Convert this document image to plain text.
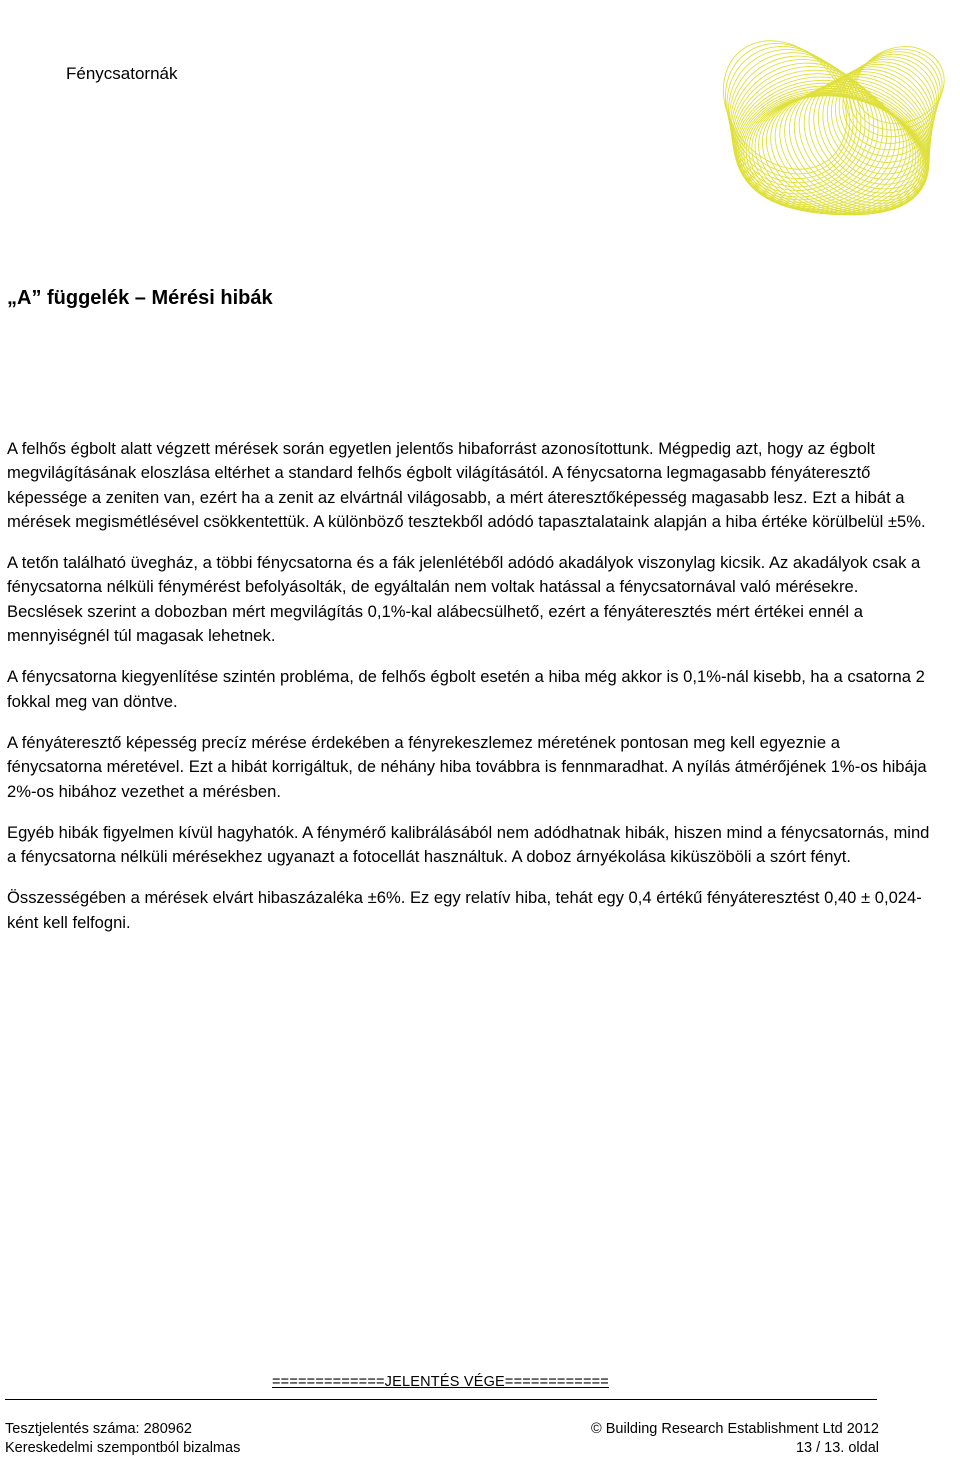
Fénycsatornák
„A” függelék – Mérési hibák

A felhős égbolt alatt végzett mérések során egyetlen jelentős hibaforrást azonosítottunk. Mégpedig azt, hogy az égbolt megvilágításának eloszlása eltérhet a standard felhős égbolt világításától. A fénycsatorna legmagasabb fényáteresztő képessége a zeniten van, ezért ha a zenit az elvártnál világosabb, a mért áteresztőképesség magasabb lesz. Ezt a hibát a mérések megismétlésével csökkentettük. A különböző tesztekből adódó tapasztalataink alapján a hiba értéke körülbelül ±5%.

A tetőn található üvegház, a többi fénycsatorna és a fák jelenlétéből adódó akadályok viszonylag kicsik. Az akadályok csak a fénycsatorna nélküli fénymérést befolyásolták, de egyáltalán nem voltak hatással a fénycsatornával való mérésekre. Becslések szerint a dobozban mért megvilágítás 0,1%-kal alábecsülhető, ezért a fényáteresztés mért értékei ennél a mennyiségnél túl magasak lehetnek.

A fénycsatorna kiegyenlítése szintén probléma, de felhős égbolt esetén a hiba még akkor is 0,1%-nál kisebb, ha a csatorna 2 fokkal meg van döntve.

A fényáteresztő képesség precíz mérése érdekében a fényrekeszlemez méretének pontosan meg kell egyeznie a fénycsatorna méretével. Ezt a hibát korrigáltuk, de néhány hiba továbbra is fennmaradhat. A nyílás átmérőjének 1%-os hibája 2%-os hibához vezethet a mérésben.

Egyéb hibák figyelmen kívül hagyhatók. A fénymérő kalibrálásából nem adódhatnak hibák, hiszen mind a fénycsatornás, mind a fénycsatorna nélküli mérésekhez ugyanazt a fotocellát használtuk. A doboz árnyékolása kiküszöböli a szórt fényt.

Összességében a mérések elvárt hibaszázaléka ±6%. Ez egy relatív hiba, tehát egy 0,4 értékű fényáteresztést 0,40 ± 0,024-ként kell felfogni.

=============JELENTÉS VÉGE============
Tesztjelentés száma: 280962
Kereskedelmi szempontból bizalmas
© Building Research Establishment Ltd 2012
13 / 13. oldal
